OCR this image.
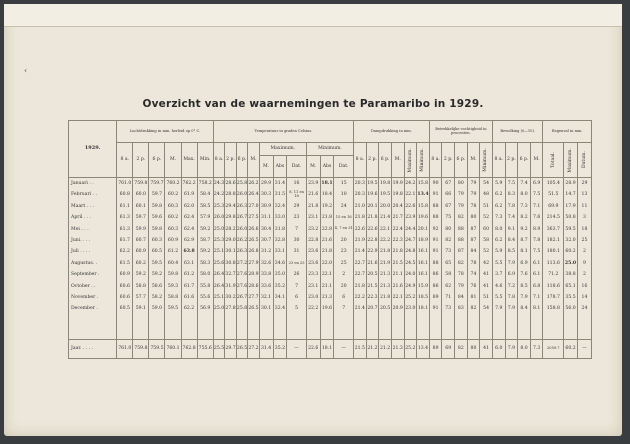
‹
Overzicht van de waarnemingen te Paramaribo in 1929.
1929.	Luchtdrukking in mm. herleid op 0° C.						Temperatuur in graden Celsius.										Dampdrukking in mm.						Betrekkelijke vochtigheid in procenten.					Bewolking (0—10).				Regenval in mm.		
	8 a.	2 p.	6 p.	M.	Max.	Min.	8 a.	2 p.	6 p.	M.	Maximum.			Minimum.			8 a.	2 p.	6 p.	M.	Maximum.	Minimum.	8 a.	2 p.	6 p.	M.	Minimum.	8 a.	2 p.	6 p.	M.	Totaal.	Maximum.	Datum.

											M.	Abs	Dat.	M.	Abs	Dat.																		
Januari . .	761.0	759.8	759.7	760.2	762.2	758.2	24.3	28.6	25.8	26.2	29.9	31.4	16	23.9	18.1	15	20.3	19.5	19.8	19.9	24.2	15.8	90	67	80	79	54	5.9	7.5	7.4	6.9	105.4	28.9	29
Februari . .	60.8	60.0	59.7	60.2	61.9	58.4	24.2	28.8	26.0	26.4	30.3	31.5	8, 11 en 18	21.6	18.4	10	20.3	19.6	19.5	19.8	22.1	13.4	91	66	79	79	48	6.2	8.3	8.0	7.5	51.5	14.7	13
Maart . . .	61.1	60.1	59.8	60.3	62.0	58.5	25.3	29.4	26.3	27.0	30.9	32.4	29	21.8	19.2	24	21.0	20.1	20.0	20.4	22.6	15.8	88	67	79	78	51	6.2	7.8	7.3	7.1	69.9	17.9	11
April . . .	61.3	59.7	59.6	60.2	62.4	57.9	26.0	29.8	26.7	27.5	31.1	33.0	23	23.1	21.8	15 en 16	21.8	21.8	21.4	21.7	23.9	19.6	88	75	82	80	52	7.3	7.4	8.2	7.6	214.5	50.8	3
Mei . . .	61.3	59.9	59.8	60.3	62.4	59.2	25.0	28.2	26.0	26.6	30.4	31.8	7	23.2	22.8	4, 7 en 31	22.6	22.6	22.1	22.4	24.4	20.1	92	80	88	87	60	8.0	9.1	9.2	8.9	363.7	59.5	18
Juni. . . .	61.7	60.7	60.3	60.9	62.9	58.7	25.3	29.0	26.2	26.5	30.7	32.8	30	22.8	21.6	20	21.9	22.8	22.2	22.3	24.7	18.9	91	82	88	87	58	6.2	8.4	8.7	7.8	182.1	32.0	25
Juli . . . .	62.2	60.9	60.5	61.2	63.8	59.2	25.1	30.1	26.3	26.8	31.2	33.1	31	23.6	21.8	23	21.4	22.9	21.8	21.8	24.8	16.1	91	73	87	84	52	5.9	8.5	8.1	7.5	180.1	60.2	2
Augustus. .	61.5	60.2	59.5	60.4	63.1	58.3	25.6	30.8	27.2	27.9	32.6	34.6	23 en 25	23.6	22.0	25	22.7	21.6	21.9	21.5	24.5	16.1	88	65	82	78	42	5.5	7.9	6.9	6.1	113.6	25.0	9
September .	60.9	59.2	59.2	59.8	61.2	58.0	26.4	32.7	27.6	28.9	33.8	35.0	26	23.3	22.1	2	22.7	20.5	21.3	21.1	24.0	16.1	86	58	78	74	41	3.7	6.9	7.6	6.1	71.2	38.8	2
October . .	60.6	58.8	58.6	59.3	61.7	55.8	26.4	31.9	27.6	28.6	33.6	35.2	7	23.1	21.1	20	21.8	21.5	21.3	21.6	24.9	15.9	86	62	79	76	41	4.6	7.2	8.5	6.8	118.6	65.1	16
November .	60.6	57.7	58.2	58.8	61.6	55.6	25.1	30.2	26.7	27.7	32.1	34.1	6	23.0	21.3	6	22.2	22.3	21.8	22.1	25.2	18.5	89	71	84	81	51	5.5	7.8	7.9	7.1	178.7	35.5	14
December .	60.5	59.1	59.0	59.5	62.2	56.9	25.0	27.8	25.8	26.5	30.1	32.4	5	22.2	19.6	7	21.4	20.7	20.5	20.9	23.0	18.1	91	73	83	82	54	7.9	7.9	8.4	8.1	158.8	56.0	24

Jaar. . . . .	761.0	759.8	759.5	760.1	762.8	755.6	25.5	29.7	26.5	27.2	31.4	35.2	—	22.6	18.1	—	21.5	21.2	21.2	21.3	25.2	13.4	89	69	82	80	41	6.0	7.9	8.0	7.3	2059.7	60.2	—
